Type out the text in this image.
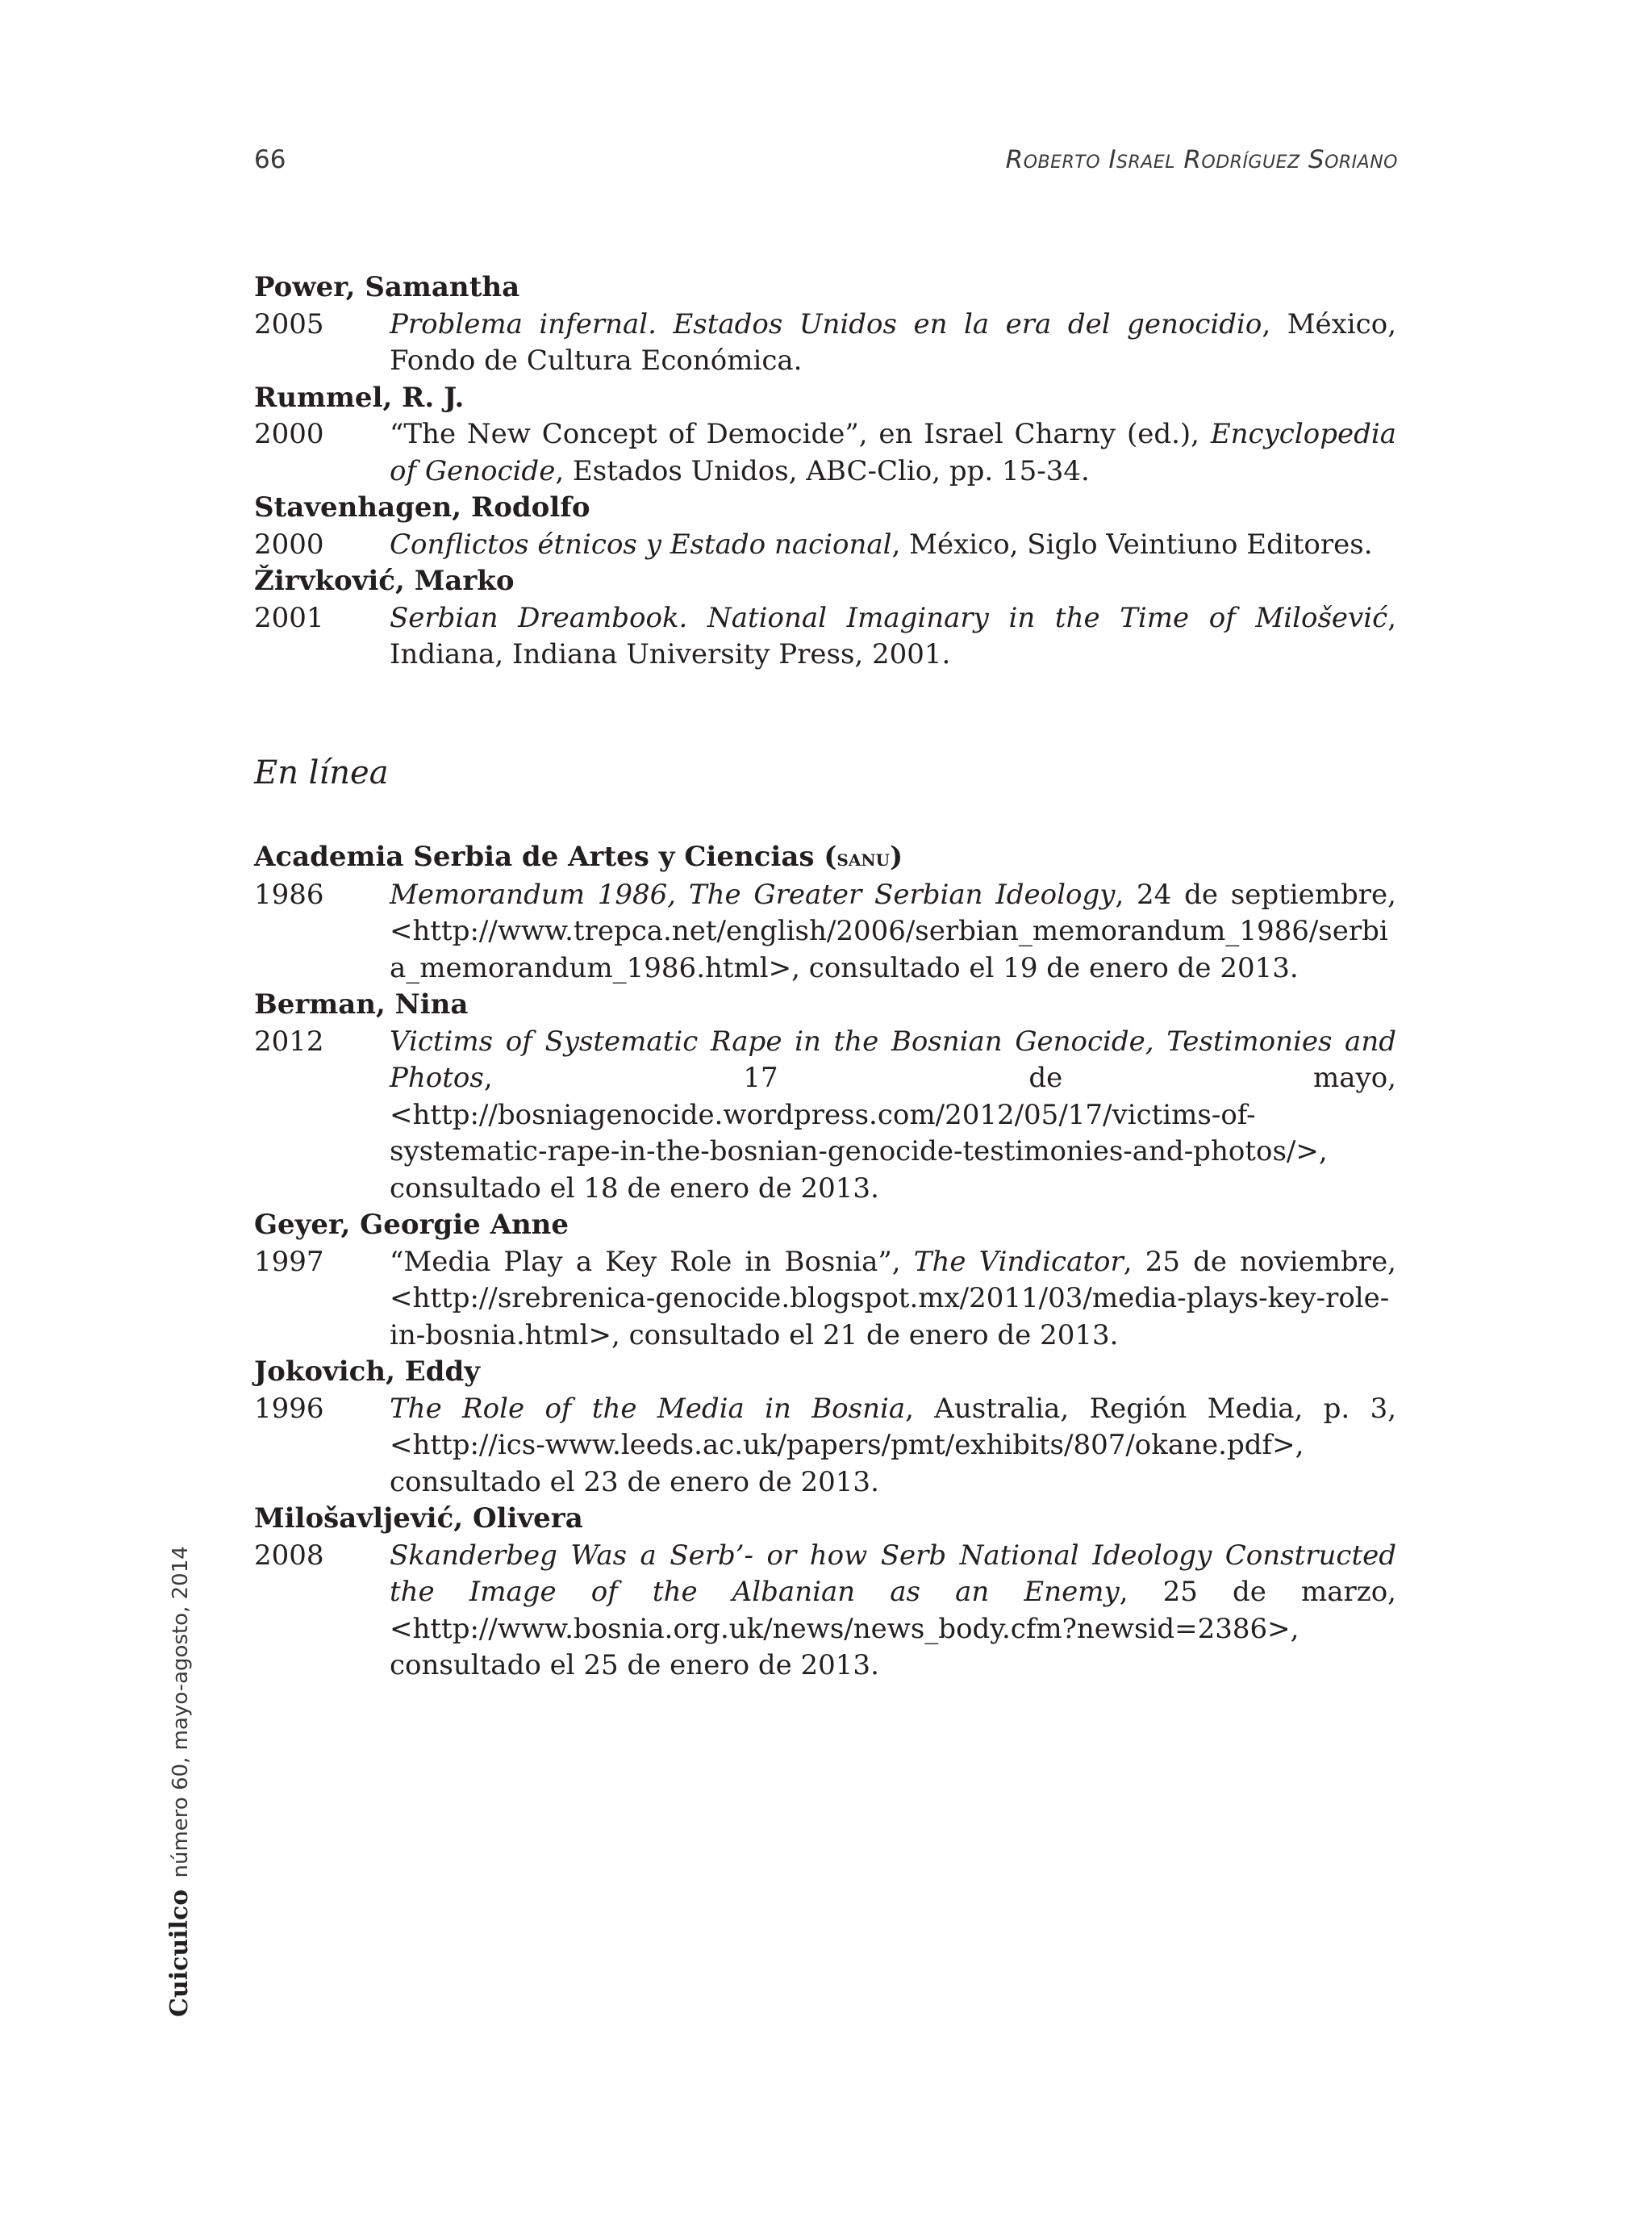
66	Roberto Israel Rodríguez Soriano
Power, Samantha
2005 Problema infernal. Estados Unidos en la era del genocidio, México, Fondo de Cultura Económica.
Rummel, R. J.
2000 “The New Concept of Democide”, en Israel Charny (ed.), Encyclopedia of Genocide, Estados Unidos, ABC-Clio, pp. 15-34.
Stavenhagen, Rodolfo
2000 Conflictos étnicos y Estado nacional, México, Siglo Veintiuno Editores.
Žirvković, Marko
2001 Serbian Dreambook. National Imaginary in the Time of Milošević, Indiana, Indiana University Press, 2001.
En línea
Academia Serbia de Artes y Ciencias (sanu)
1986 Memorandum 1986, The Greater Serbian Ideology, 24 de septiembre, <http://www.trepca.net/english/2006/serbian_memorandum_1986/serbia_memorandum_1986.html>, consultado el 19 de enero de 2013.
Berman, Nina
2012 Victims of Systematic Rape in the Bosnian Genocide, Testimonies and Photos, 17 de mayo, <http://bosniagenocide.wordpress.com/2012/05/17/victims-of-systematic-rape-in-the-bosnian-genocide-testimonies-and-photos/>, consultado el 18 de enero de 2013.
Geyer, Georgie Anne
1997 “Media Play a Key Role in Bosnia”, The Vindicator, 25 de noviembre, <http://srebrenica-genocide.blogspot.mx/2011/03/media-plays-key-role-in-bosnia.html>, consultado el 21 de enero de 2013.
Jokovich, Eddy
1996 The Role of the Media in Bosnia, Australia, Región Media, p. 3, <http://ics-www.leeds.ac.uk/papers/pmt/exhibits/807/okane.pdf>, consultado el 23 de enero de 2013.
Milošavljević, Olivera
2008 Skanderbeg Was a Serb’- or how Serb National Ideology Constructed the Image of the Albanian as an Enemy, 25 de marzo, <http://www.bosnia.org.uk/news/news_body.cfm?newsid=2386>, consultado el 25 de enero de 2013.
Cuicuilco número 60, mayo-agosto, 2014
